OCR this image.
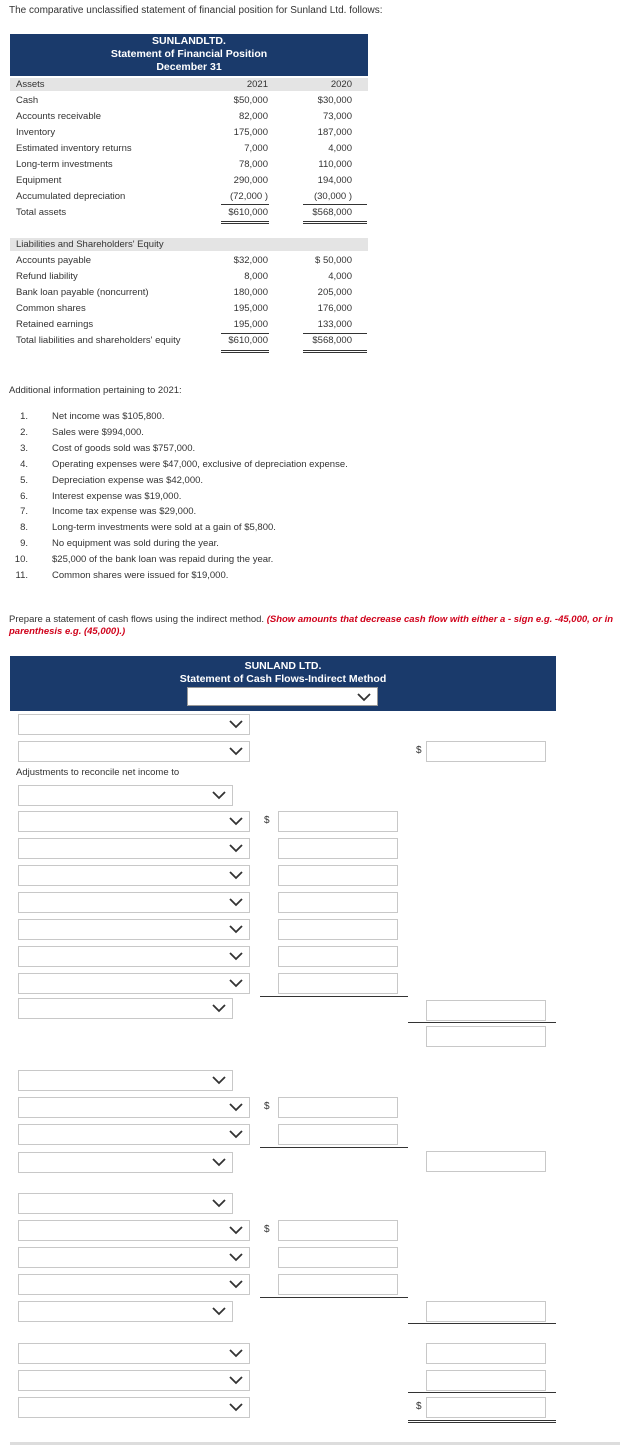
The comparative unclassified statement of financial position for Sunland Ltd. follows:
SUNLANDLTD.
Statement of Financial Position
December 31
Assets	2021	2020
Cash	$50,000	$30,000
Accounts receivable	82,000	73,000
Inventory	175,000	187,000
Estimated inventory returns	7,000	4,000
Long-term investments	78,000	110,000
Equipment	290,000	194,000
Accumulated depreciation	(72,000 )	(30,000 )
Total assets	$610,000	$568,000
Liabilities and Shareholders' Equity
Accounts payable	$32,000	$ 50,000
Refund liability	8,000	4,000
Bank loan payable (noncurrent)	180,000	205,000
Common shares	195,000	176,000
Retained earnings	195,000	133,000
Total liabilities and shareholders' equity	$610,000	$568,000
Additional information pertaining to 2021:
1.	Net income was $105,800.
2.	Sales were $994,000.
3.	Cost of goods sold was $757,000.
4.	Operating expenses were $47,000, exclusive of depreciation expense.
5.	Depreciation expense was $42,000.
6.	Interest expense was $19,000.
7.	Income tax expense was $29,000.
8.	Long-term investments were sold at a gain of $5,800.
9.	No equipment was sold during the year.
10.	$25,000 of the bank loan was repaid during the year.
11.	Common shares were issued for $19,000.
Prepare a statement of cash flows using the indirect method. (Show amounts that decrease cash flow with either a - sign e.g. -45,000, or in parenthesis e.g. (45,000).)
SUNLAND LTD.
Statement of Cash Flows-Indirect Method
Adjustments to reconcile net income to
$
$
$
$
$
